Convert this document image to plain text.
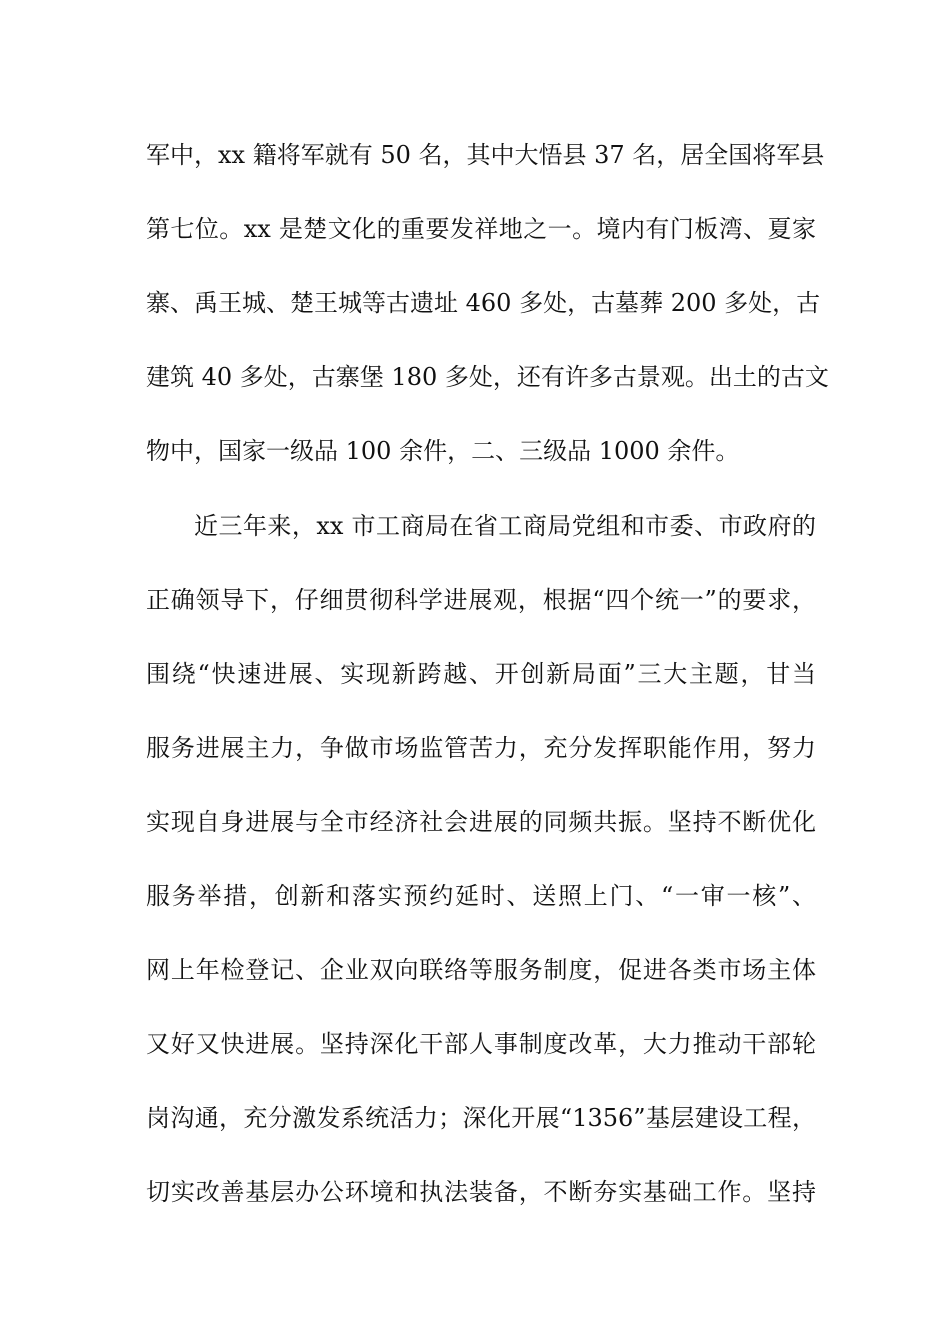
军中，xx 籍将军就有 50 名，其中大悟县 37 名，居全国将军县
第七位。xx 是楚文化的重要发祥地之一。境内有门板湾、夏家
寨、禹王城、楚王城等古遗址 460 多处，古墓葬 200 多处，古
建筑 40 多处，古寨堡 180 多处，还有许多古景观。出土的古文
物中，国家一级品 100 余件，二、三级品 1000 余件。
近三年来，xx 市工商局在省工商局党组和市委、市政府的
正确领导下，仔细贯彻科学进展观，根据“四个统一”的要求，
围绕“快速进展、实现新跨越、开创新局面”三大主题，甘当
服务进展主力，争做市场监管苦力，充分发挥职能作用，努力
实现自身进展与全市经济社会进展的同频共振。坚持不断优化
服务举措，创新和落实预约延时、送照上门、“一审一核”、
网上年检登记、企业双向联络等服务制度，促进各类市场主体
又好又快进展。坚持深化干部人事制度改革，大力推动干部轮
岗沟通，充分激发系统活力；深化开展“1356”基层建设工程，
切实改善基层办公环境和执法装备，不断夯实基础工作。坚持
